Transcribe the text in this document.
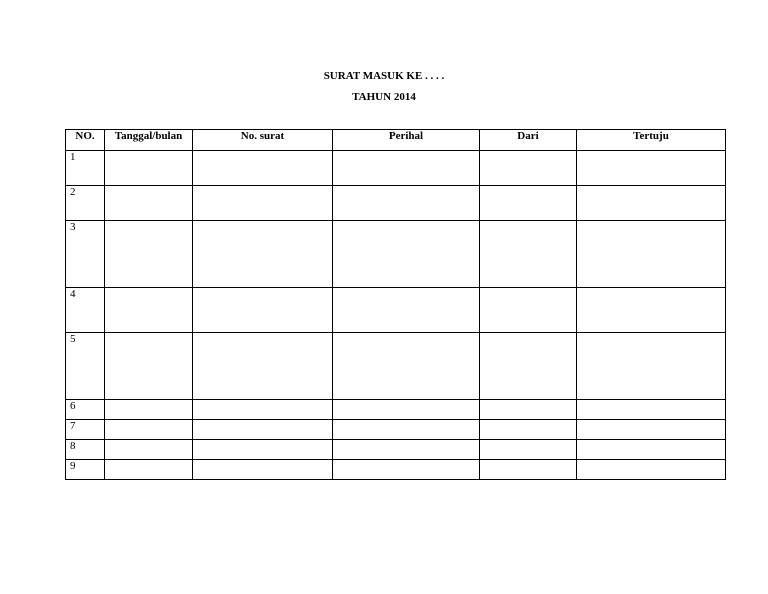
SURAT MASUK KE . . . .
TAHUN 2014
NO.	Tanggal/bulan	No. surat	Perihal	Dari	Tertuju
1					
2					
3					
4					
5					
6					
7					
8					
9					
